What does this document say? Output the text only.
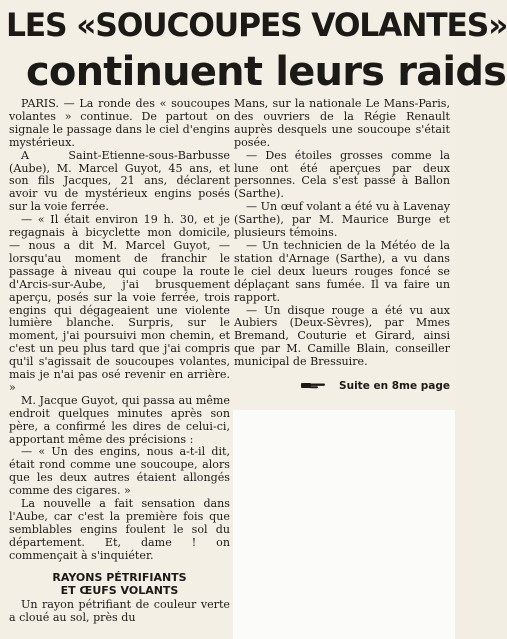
LES «SOUCOUPES VOLANTES»
continuent leurs raids

PARIS. — La ronde des « soucoupes volantes » continue. De partout on signale le passage dans le ciel d'engins mystérieux.

A Saint-Etienne-sous-Barbusse (Aube), M. Marcel Guyot, 45 ans, et son fils Jacques, 21 ans, déclarent avoir vu de mystérieux engins posés sur la voie ferrée.

— « Il était environ 19 h. 30, et je regagnais à bicyclette mon domicile, — nous a dit M. Marcel Guyot, — lorsqu'au moment de franchir le passage à niveau qui coupe la route d'Arcis-sur-Aube, j'ai brusquement aperçu, posés sur la voie ferrée, trois engins qui dégageaient une violente lumière blanche. Surpris, sur le moment, j'ai poursuivi mon chemin, et c'est un peu plus tard que j'ai compris qu'il s'agissait de soucoupes volantes, mais je n'ai pas osé revenir en arrière. »

M. Jacque Guyot, qui passa au même endroit quelques minutes après son père, a confirmé les dires de celui-ci, apportant même des précisions :

— « Un des engins, nous a-t-il dit, était rond comme une soucoupe, alors que les deux autres étaient allongés comme des cigares. »

La nouvelle a fait sensation dans l'Aube, car c'est la première fois que semblables engins foulent le sol du département. Et, dame ! on commençait à s'inquiéter.

RAYONS PÉTRIFIANTS
ET ŒUFS VOLANTS

Un rayon pétrifiant de couleur verte a cloué au sol, près du

Mans, sur la nationale Le Mans-Paris, des ouvriers de la Régie Renault auprès desquels une soucoupe s'était posée.

— Des étoiles grosses comme la lune ont été aperçues par deux personnes. Cela s'est passé à Ballon (Sarthe).

— Un œuf volant a été vu à Lavenay (Sarthe), par M. Maurice Burge et plusieurs témoins.

— Un technicien de la Météo de la station d'Arnage (Sarthe), a vu dans le ciel deux lueurs rouges foncé se déplaçant sans fumée. Il va faire un rapport.

— Un disque rouge a été vu aux Aubiers (Deux-Sèvres), par Mmes Bremand, Couturie et Girard, ainsi que par M. Camille Blain, conseiller municipal de Bressuire.

Suite en 8me page
